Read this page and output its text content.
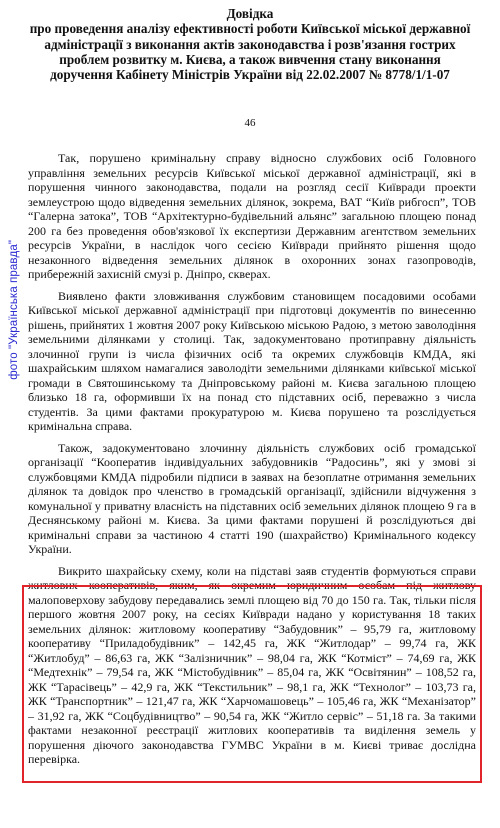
Довідка
про проведення аналізу ефективності роботи Київської міської державної
адміністрації з виконання актів законодавства і розв'язання гострих
проблем розвитку м. Києва, а також вивчення стану виконання
доручення Кабінету Міністрів України від 22.02.2007 № 8778/1/1-07
46
фото "Українська правда"

Так, порушено кримінальну справу відносно службових осіб Головного управління земельних ресурсів Київської міської державної адміністрації, які в порушення чинного законодавства, подали на розгляд сесії Київради проекти землеустрою щодо відведення земельних ділянок, зокрема, ВАТ “Київ рибгосп”, ТОВ “Галерна затока”, ТОВ “Архітектурно-будівельний альянс” загальною площею понад 200 га без проведення обов'язкової їх експертизи Державним агентством земельних ресурсів України, в наслідок чого сесією Київради прийнято рішення щодо незаконного відведення земельних ділянок в охоронних зонах газопроводів, прибережній захисній смузі р. Дніпро, скверах.

Виявлено факти зловживання службовим становищем посадовими особами Київської міської державної адміністрації при підготовці документів по винесенню рішень, прийнятих 1 жовтня 2007 року Київською міською Радою, з метою заволодіння земельними ділянками у столиці. Так, задокументовано протиправну діяльність злочинної групи із числа фізичних осіб та окремих службовців КМДА, які шахрайським шляхом намагалися заволодіти земельними ділянками київської міської громади в Святошинському та Дніпровському районі м. Києва загальною площею близько 18 га, оформивши їх на понад сто підставних осіб, переважно з числа студентів. За цими фактами прокуратурою м. Києва порушено та розслідується кримінальна справа.

Також, задокументовано злочинну діяльність службових осіб громадської організації “Кооператив індивідуальних забудовників “Радосинь”, які у змові зі службовцями КМДА підробили підписи в заявах на безоплатне отримання земельних ділянок та довідок про членство в громадській організації, здійснили відчуження з комунальної у приватну власність на підставних осіб земельних ділянок площею 9 га в Деснянському районі м. Києва. За цими фактами порушені й розслідуються дві кримінальні справи за частиною 4 статті 190 (шахрайство) Кримінального кодексу України.

Викрито шахрайську схему, коли на підставі заяв студентів формуються справи житлових кооперативів, яким, як окремим юридичним особам під житлову малоповерхову забудову передавались землі площею від 70 до 150 га. Так, тільки після першого жовтня 2007 року, на сесіях Київради надано у користування 18 таких земельних ділянок: житловому кооперативу “Забудовник” – 95,79 га, житловому кооперативу “Приладобудівник” – 142,45 га, ЖК “Житлодар” – 99,74 га, ЖК “Житлобуд” – 86,63 га, ЖК “Залізничник” – 98,04 га, ЖК “Котміст” – 74,69 га, ЖК “Медтехнік” – 79,54 га, ЖК “Містобудівник” – 85,04 га, ЖК “Освітянин” – 108,52 га, ЖК “Тарасівець” – 42,9 га, ЖК “Текстильник” – 98,1 га, ЖК “Технолог” – 103,73 га, ЖК “Транспортник” – 121,47 га, ЖК “Харчомашовець” – 105,46 га, ЖК “Механізатор” – 31,92 га, ЖК “Соцбудівництво” – 90,54 га, ЖК “Житло сервіс” – 51,18 га. За такими фактами незаконної реєстрації житлових кооперативів та виділення земель у порушення діючого законодавства ГУМВС України в м. Києві триває дослідна перевірка.
